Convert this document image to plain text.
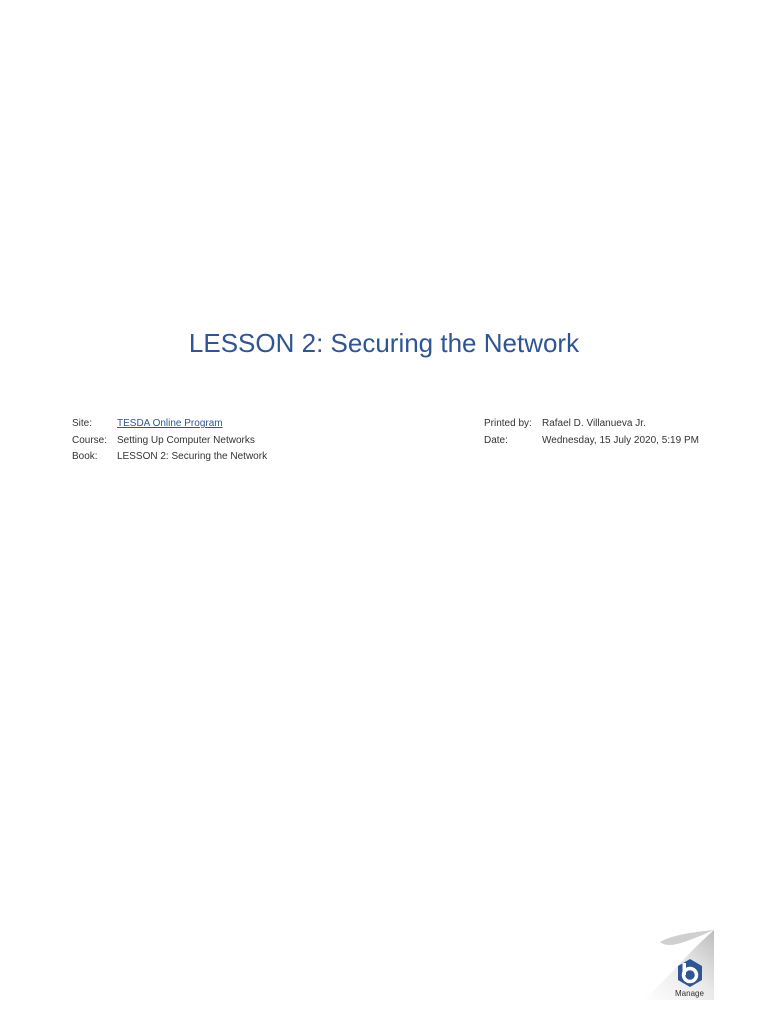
LESSON 2: Securing the Network
Site:	TESDA Online Program
Course: Setting Up Computer Networks
Book:	LESSON 2: Securing the Network
Printed by:	Rafael D. Villanueva Jr.
Date:	Wednesday, 15 July 2020, 5:19 PM
Manage
